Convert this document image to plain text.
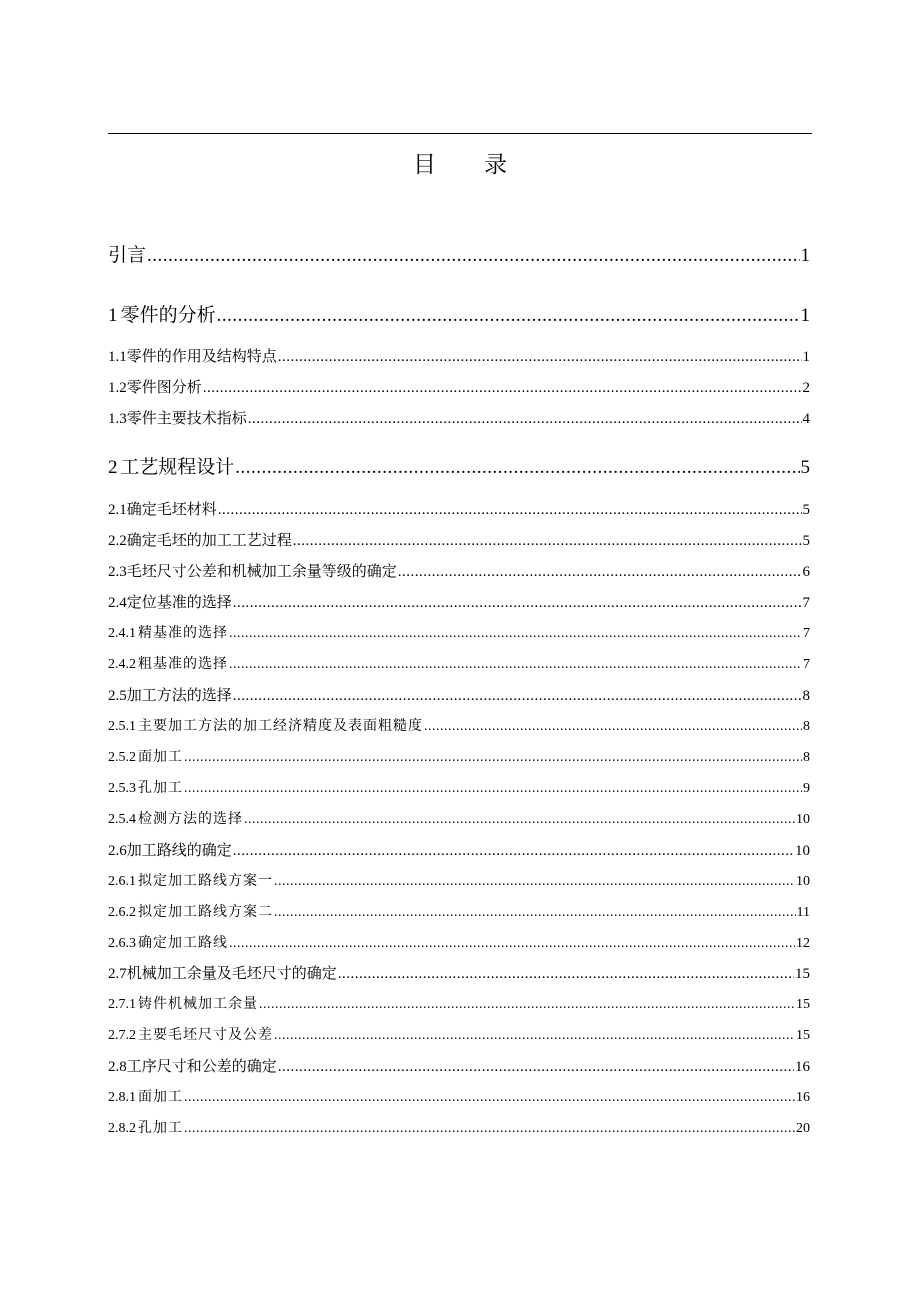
目 录
引言 .....	1
1 零件的分析 .....	1
1.1 零件的作用及结构特点 .....	1
1.2 零件图分析 .....	2
1.3 零件主要技术指标 .....	4
2 工艺规程设计 .....	5
2.1 确定毛坯材料 .....	5
2.2 确定毛坯的加工工艺过程 .....	5
2.3 毛坯尺寸公差和机械加工余量等级的确定 .....	6
2.4 定位基准的选择 .....	7
2.4.1 精基准的选择 .....	7
2.4.2 粗基准的选择 .....	7
2.5 加工方法的选择 .....	8
2.5.1 主要加工方法的加工经济精度及表面粗糙度 .....	8
2.5.2 面加工 .....	8
2.5.3 孔加工 .....	9
2.5.4 检测方法的选择 .....	10
2.6 加工路线的确定 .....	10
2.6.1 拟定加工路线方案一 .....	10
2.6.2 拟定加工路线方案二 .....	11
2.6.3 确定加工路线 .....	12
2.7 机械加工余量及毛坯尺寸的确定 .....	15
2.7.1 铸件机械加工余量 .....	15
2.7.2 主要毛坯尺寸及公差 .....	15
2.8 工序尺寸和公差的确定 .....	16
2.8.1 面加工 .....	16
2.8.2 孔加工 .....	20
